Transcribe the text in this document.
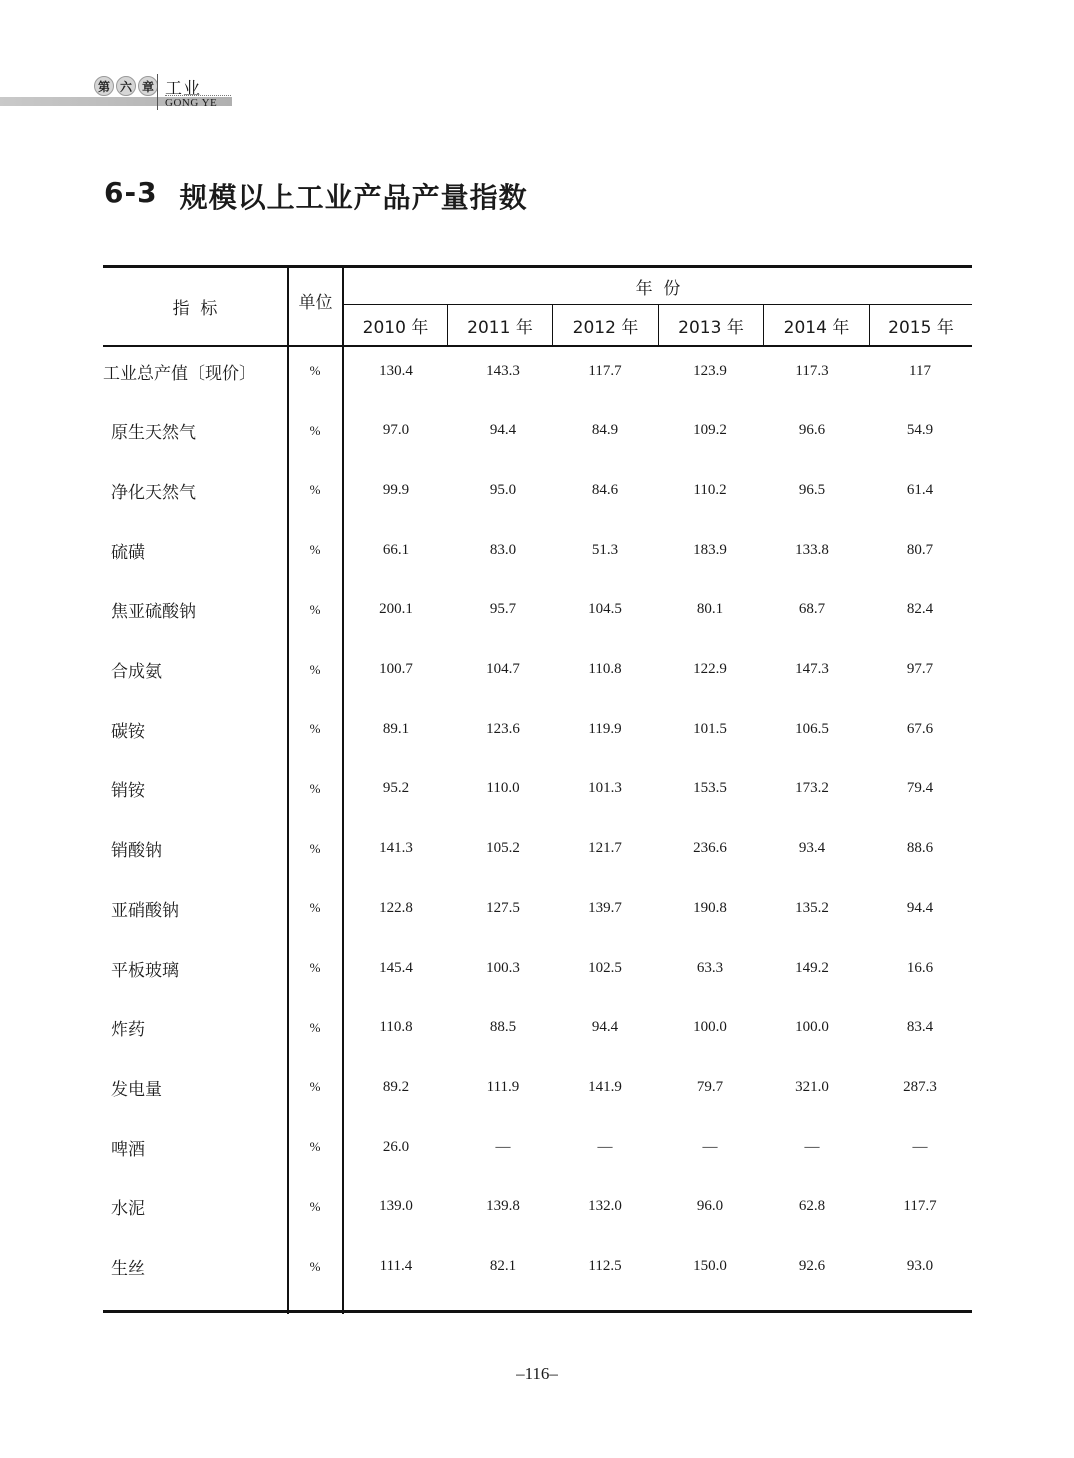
第 六 章 工业
GONG YE
6-3 规模以上工业产品产量指数
指  标	单位
年  份
2010 年	2011 年	2012 年	2013 年	2014 年	2015 年
工业总产值〔现价〕	%	130.4	143.3	117.7	123.9	117.3	117
原生天然气	%	97.0	94.4	84.9	109.2	96.6	54.9
净化天然气	%	99.9	95.0	84.6	110.2	96.5	61.4
硫磺	%	66.1	83.0	51.3	183.9	133.8	80.7
焦亚硫酸钠	%	200.1	95.7	104.5	80.1	68.7	82.4
合成氨	%	100.7	104.7	110.8	122.9	147.3	97.7
碳铵	%	89.1	123.6	119.9	101.5	106.5	67.6
销铵	%	95.2	110.0	101.3	153.5	173.2	79.4
销酸钠	%	141.3	105.2	121.7	236.6	93.4	88.6
亚硝酸钠	%	122.8	127.5	139.7	190.8	135.2	94.4
平板玻璃	%	145.4	100.3	102.5	63.3	149.2	16.6
炸药	%	110.8	88.5	94.4	100.0	100.0	83.4
发电量	%	89.2	111.9	141.9	79.7	321.0	287.3
啤酒	%	26.0	—	—	—	—	—
水泥	%	139.0	139.8	132.0	96.0	62.8	117.7
生丝	%	111.4	82.1	112.5	150.0	92.6	93.0
–116–
